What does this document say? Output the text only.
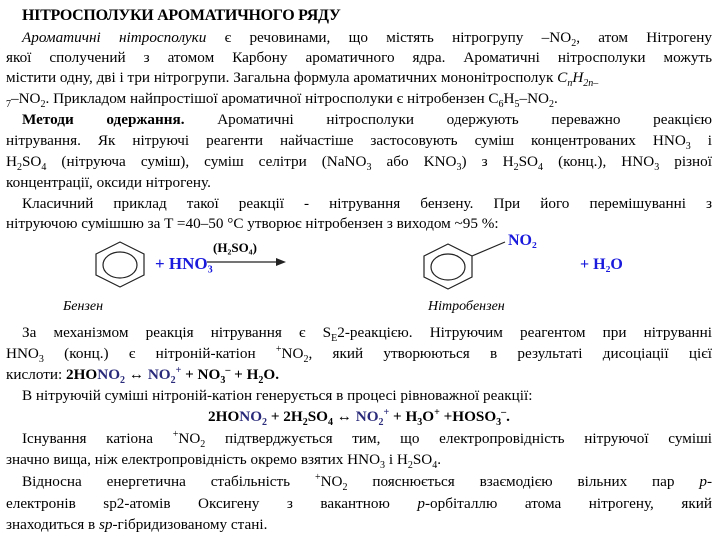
НІТРОСПОЛУКИ АРОМАТИЧНОГО РЯДУ
Ароматичні нітросполуки є речовинами, що містять нітрогрупу $-NO_2$, атом Нітрогену
якої сполучений з атомом Карбону ароматичного ядра. Ароматичні нітросполуки можуть
містити одну, дві і три нітрогрупи. Загальна формула ароматичних мононітросполук $C_nH_{2n-}$
$_7-NO_2$. Прикладом найпростішої ароматичної нітросполуки є нітробензен $C_6H_5-NO_2$.
Методи одержання. Ароматичні нітросполуки одержують переважно реакцією
нітрування. Як нітруючі реагенти найчастіше застосовують суміш концентрованих $HNO_3$ і
$H_2SO_4$ (нітруюча суміш), суміш селітри (NaNO$_3$ або $KNO_3$) з $H_2SO_4$ (конц.), $HNO_3$ різної
концентрації, оксиди нітрогену.
Класичний приклад такої реакції - нітрування бензену. При його перемішуванні з
нітруючою сумішшю за T =40–50 °C утворює нітробензен з виходом ~95 %:
+ HNO₃
(H₂SO₄)	NO₂
+ H₂O
Бензен	Нітробензен
За механізмом реакція нітрування є $S_E2$-реакцією. Нітруючим реагентом при нітруванні
$HNO_3$ (конц.) є нітроній-катіон $^+NO_2$, який утворюються в результаті дисоціації цієї
кислоти: $2HONO_2$ ↔ $NO_2^+ + NO_3^- + H_2O$.
В нітруючій суміші нітроній-катіон генерується в процесі рівноважної реакції:
$2HONO_2 + 2H_2SO_4$ ↔ $NO_2^+ + H_3O^+$ $+HOSO_3^-$.
Існування катіона $^+NO_2$ підтверджується тим, що електропровідність нітруючої суміші
значно вища, ніж електропровідність окремо взятих $HNO_3$ і $H_2SO_4$.
Відносна енергетична стабільність $^+NO_2$ пояснюється взаємодією вільних пар p-
електронів sp2-атомів Оксигену з вакантною p-орбіталлю атома нітрогену, який
знаходиться в sp-гібридизованому стані.
